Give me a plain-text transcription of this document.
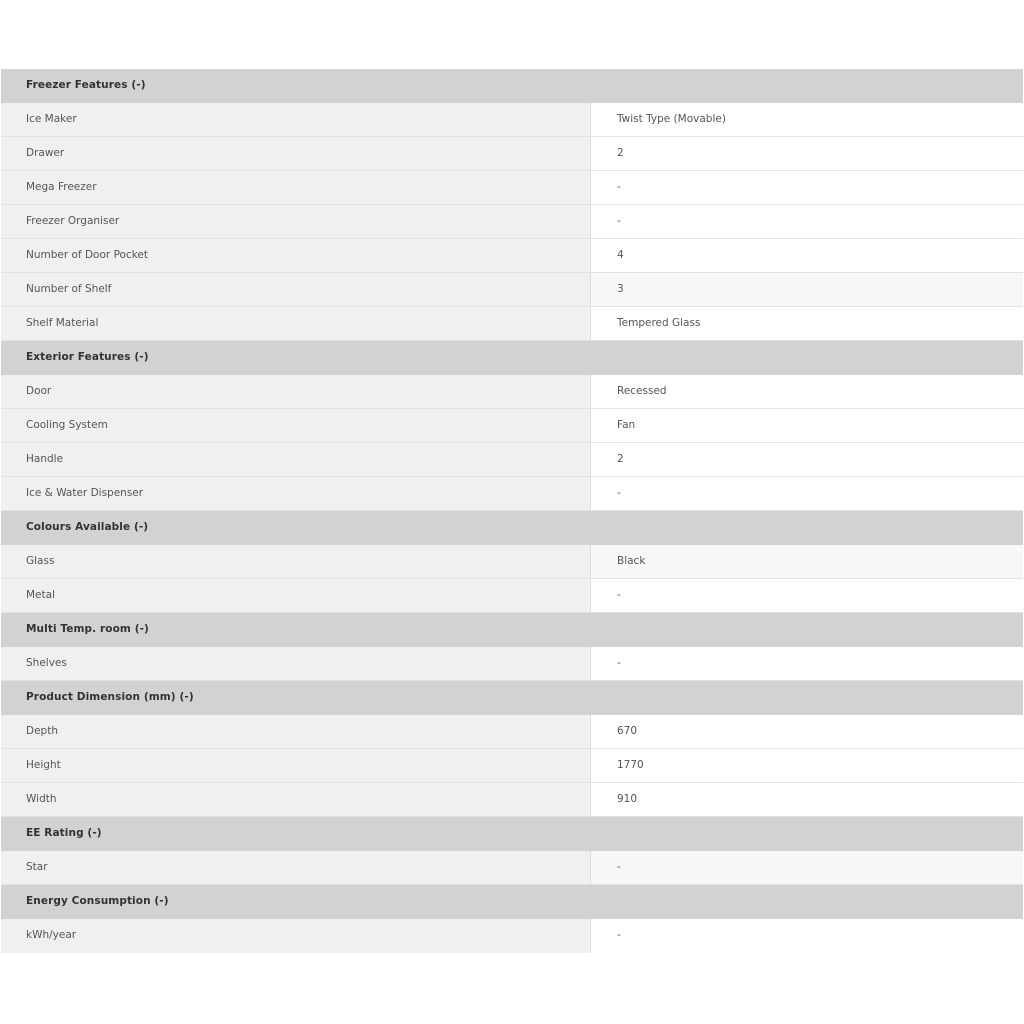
Freezer Features (-)
Ice Maker	Twist Type (Movable)
Drawer	2
Mega Freezer	-
Freezer Organiser	-
Number of Door Pocket	4
Number of Shelf	3
Shelf Material	Tempered Glass
Exterior Features (-)
Door	Recessed
Cooling System	Fan
Handle	2
Ice & Water Dispenser	-
Colours Available (-)
Glass	Black
Metal	-
Multi Temp. room (-)
Shelves	-
Product Dimension (mm) (-)
Depth	670
Height	1770
Width	910
EE Rating (-)
Star	-
Energy Consumption (-)
kWh/year	-
